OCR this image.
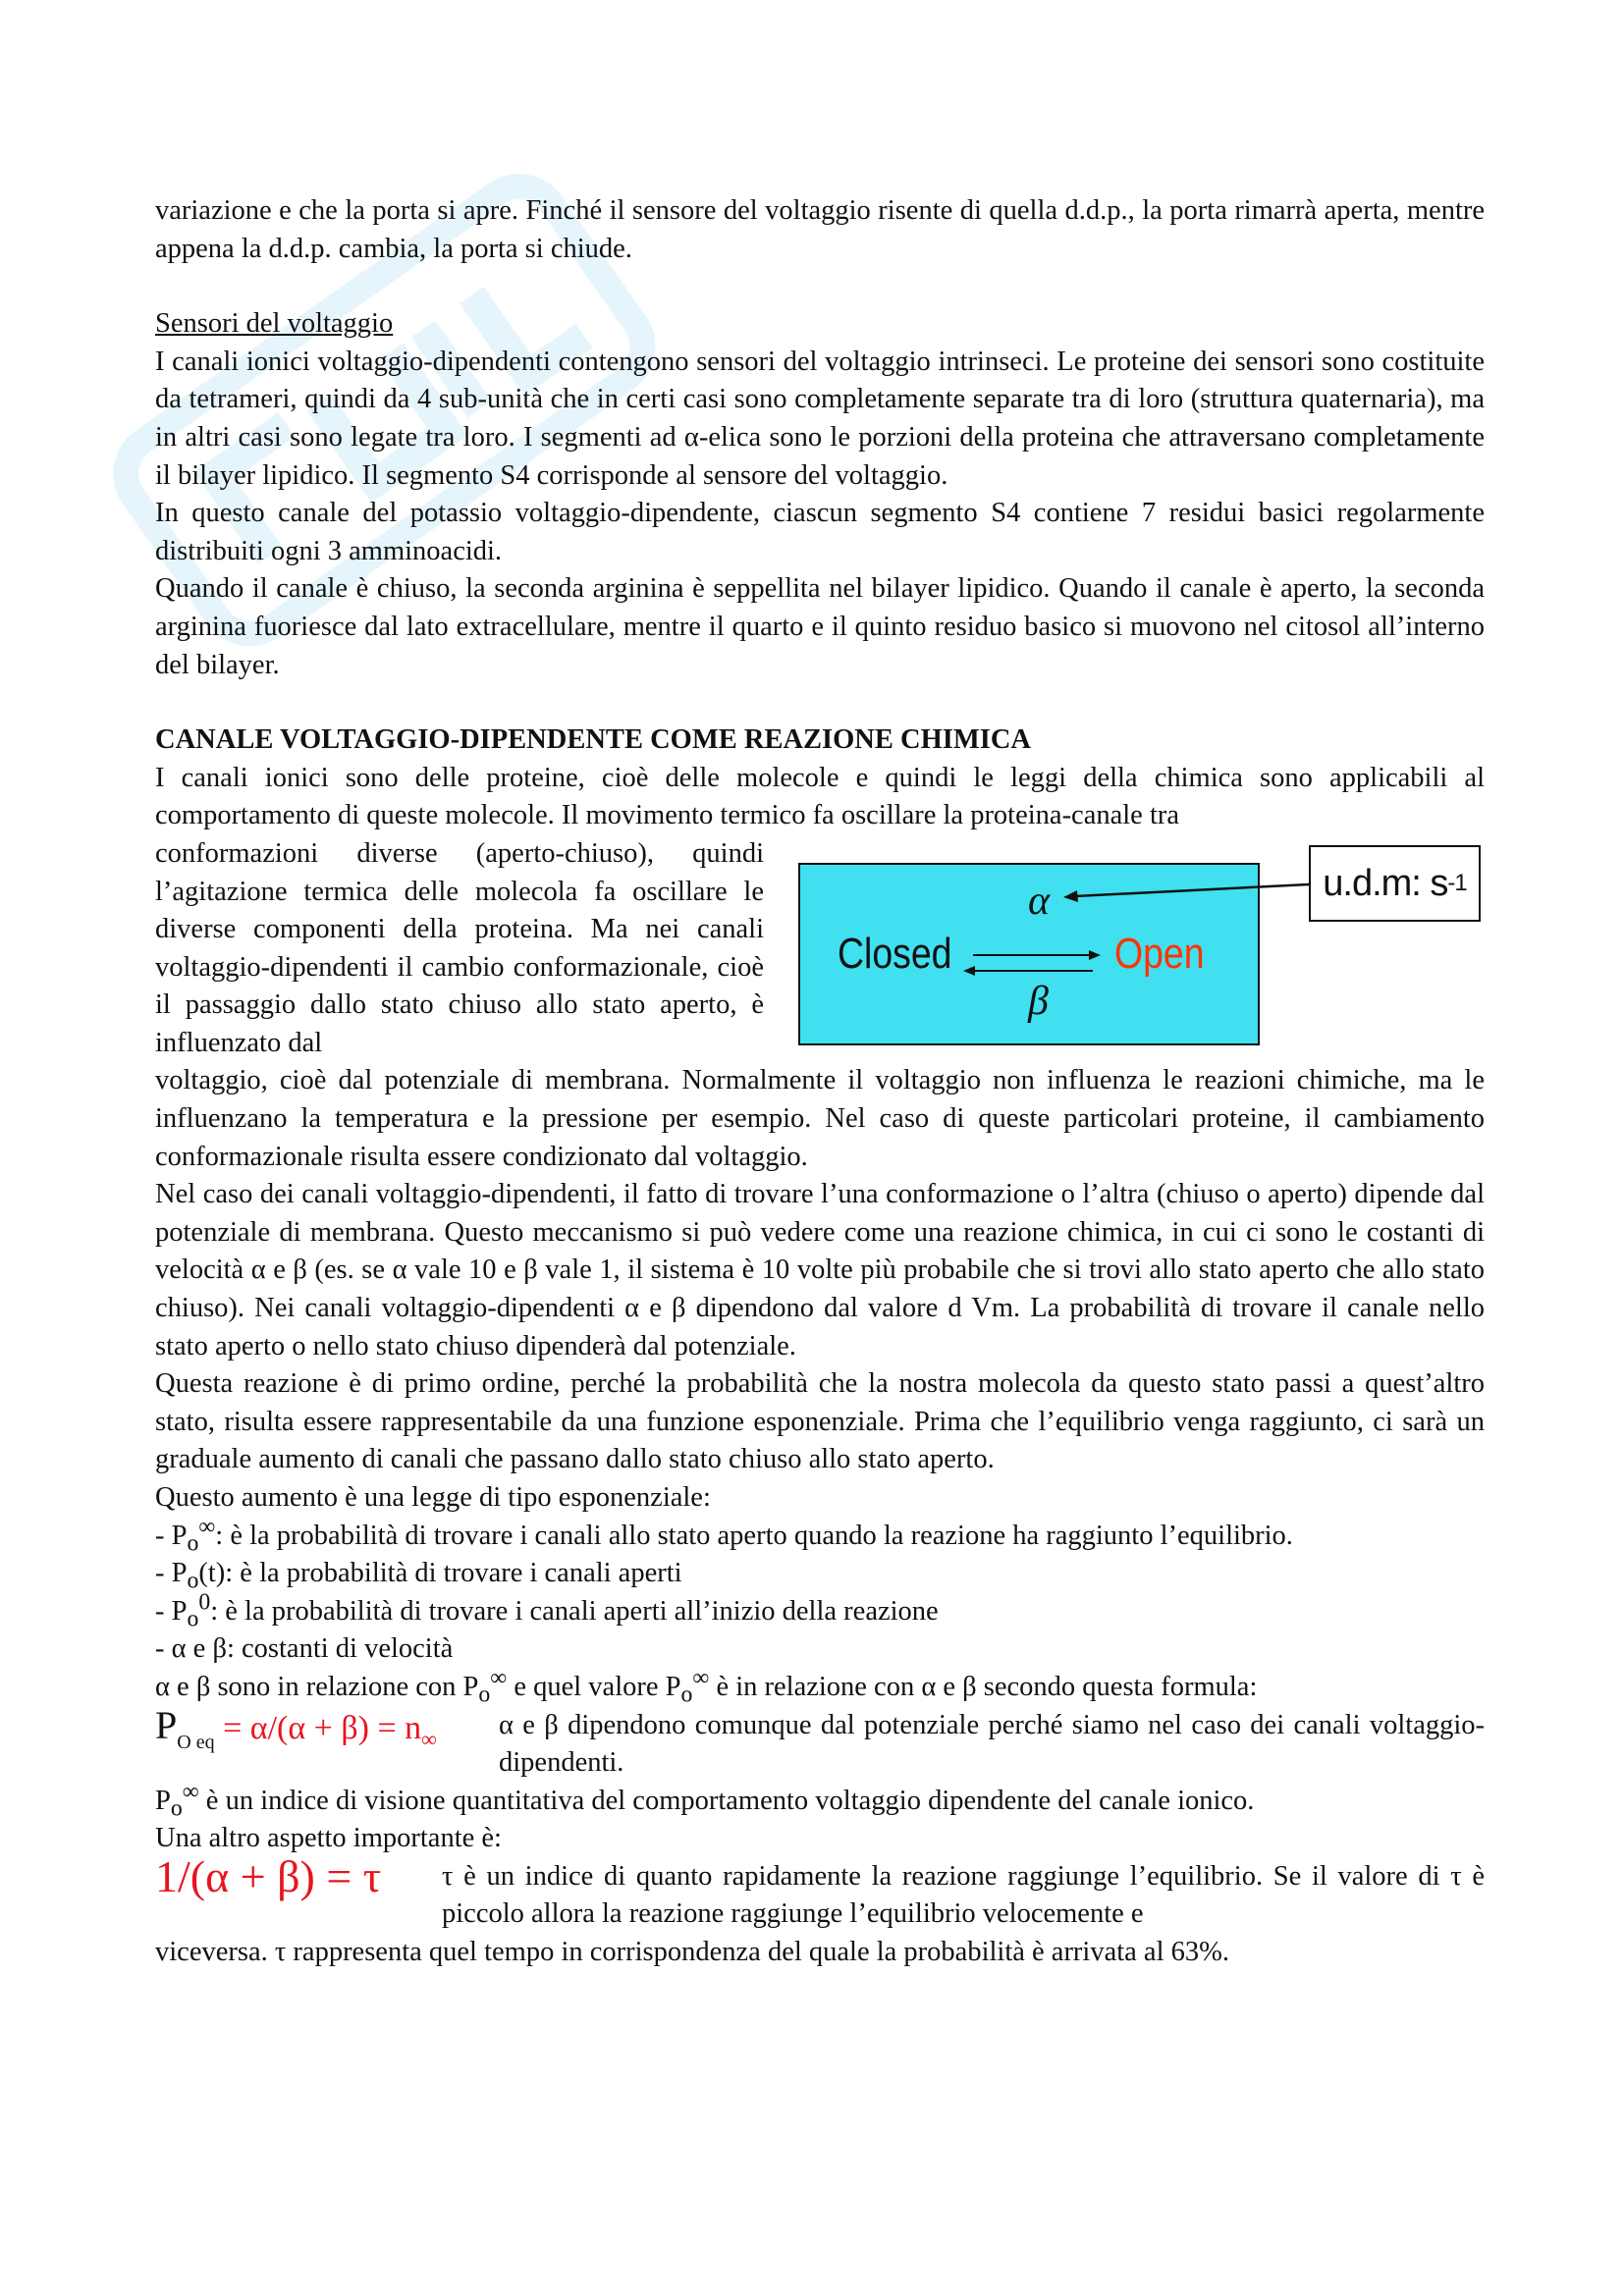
variazione e che la porta si apre. Finché il sensore del voltaggio risente di quella d.d.p., la porta rimarrà aperta, mentre appena la d.d.p. cambia, la porta si chiude.

Sensori del voltaggio

I canali ionici voltaggio-dipendenti contengono sensori del voltaggio intrinseci. Le proteine dei sensori sono costituite da tetrameri, quindi da 4 sub-unità che in certi casi sono completamente separate tra di loro (struttura quaternaria), ma in altri casi sono legate tra loro. I segmenti ad α-elica sono le porzioni della proteina che attraversano completamente il bilayer lipidico. Il segmento S4 corrisponde al sensore del voltaggio.

In questo canale del potassio voltaggio-dipendente, ciascun segmento S4 contiene 7 residui basici regolarmente distribuiti ogni 3 amminoacidi.

Quando il canale è chiuso, la seconda arginina è seppellita nel bilayer lipidico. Quando il canale è aperto, la seconda arginina fuoriesce dal lato extracellulare, mentre il quarto e il quinto residuo basico si muovono nel citosol all’interno del bilayer.

CANALE VOLTAGGIO-DIPENDENTE COME REAZIONE CHIMICA

I canali ionici sono delle proteine, cioè delle molecole e quindi le leggi della chimica sono applicabili al comportamento di queste molecole. Il movimento termico fa oscillare la proteina-canale tra

α
Closed	Open
β
u.d.m: s -1

conformazioni diverse (aperto-chiuso), quindi l’agitazione termica delle molecola fa oscillare le diverse componenti della proteina. Ma nei canali voltaggio-dipendenti il cambio conformazionale, cioè il passaggio dallo stato chiuso allo stato aperto, è influenzato dal

voltaggio, cioè dal potenziale di membrana. Normalmente il voltaggio non influenza le reazioni chimiche, ma le influenzano la temperatura e la pressione per esempio. Nel caso di queste particolari proteine, il cambiamento conformazionale risulta essere condizionato dal voltaggio.

Nel caso dei canali voltaggio-dipendenti, il fatto di trovare l’una conformazione o l’altra (chiuso o aperto) dipende dal potenziale di membrana. Questo meccanismo si può vedere come una reazione chimica, in cui ci sono le costanti di velocità α e β (es. se α vale 10 e β vale 1, il sistema è 10 volte più probabile che si trovi allo stato aperto che allo stato chiuso). Nei canali voltaggio-dipendenti α e β dipendono dal valore d Vm. La probabilità di trovare il canale nello stato aperto o nello stato chiuso dipenderà dal potenziale.

Questa reazione è di primo ordine, perché la probabilità che la nostra molecola da questo stato passi a quest’altro stato, risulta essere rappresentabile da una funzione esponenziale. Prima che l’equilibrio venga raggiunto, ci sarà un graduale aumento di canali che passano dallo stato chiuso allo stato aperto.

Questo aumento è una legge di tipo esponenziale:

- $P_o^\infty$: è la probabilità di trovare i canali allo stato aperto quando la reazione ha raggiunto l’equilibrio.

- $P_o(t)$: è la probabilità di trovare i canali aperti

- $P_o^0$: è la probabilità di trovare i canali aperti all’inizio della reazione

- α e β: costanti di velocità

α e β sono in relazione con $P_o^\infty$ e quel valore $P_o^\infty$ è in relazione con α e β secondo questa formula:

$P_{O eq} = \alpha/(\alpha + \beta) = n_\infty$ α e β dipendono comunque dal potenziale perché siamo nel caso dei canali voltaggio-dipendenti.

$P_o^\infty$ è un indice di visione quantitativa del comportamento voltaggio dipendente del canale ionico.

Una altro aspetto importante è:

1/(α + β) = τ τ è un indice di quanto rapidamente la reazione raggiunge l’equilibrio. Se il valore di τ è piccolo allora la reazione raggiunge l’equilibrio velocemente e

viceversa. τ rappresenta quel tempo in corrispondenza del quale la probabilità è arrivata al 63%.
